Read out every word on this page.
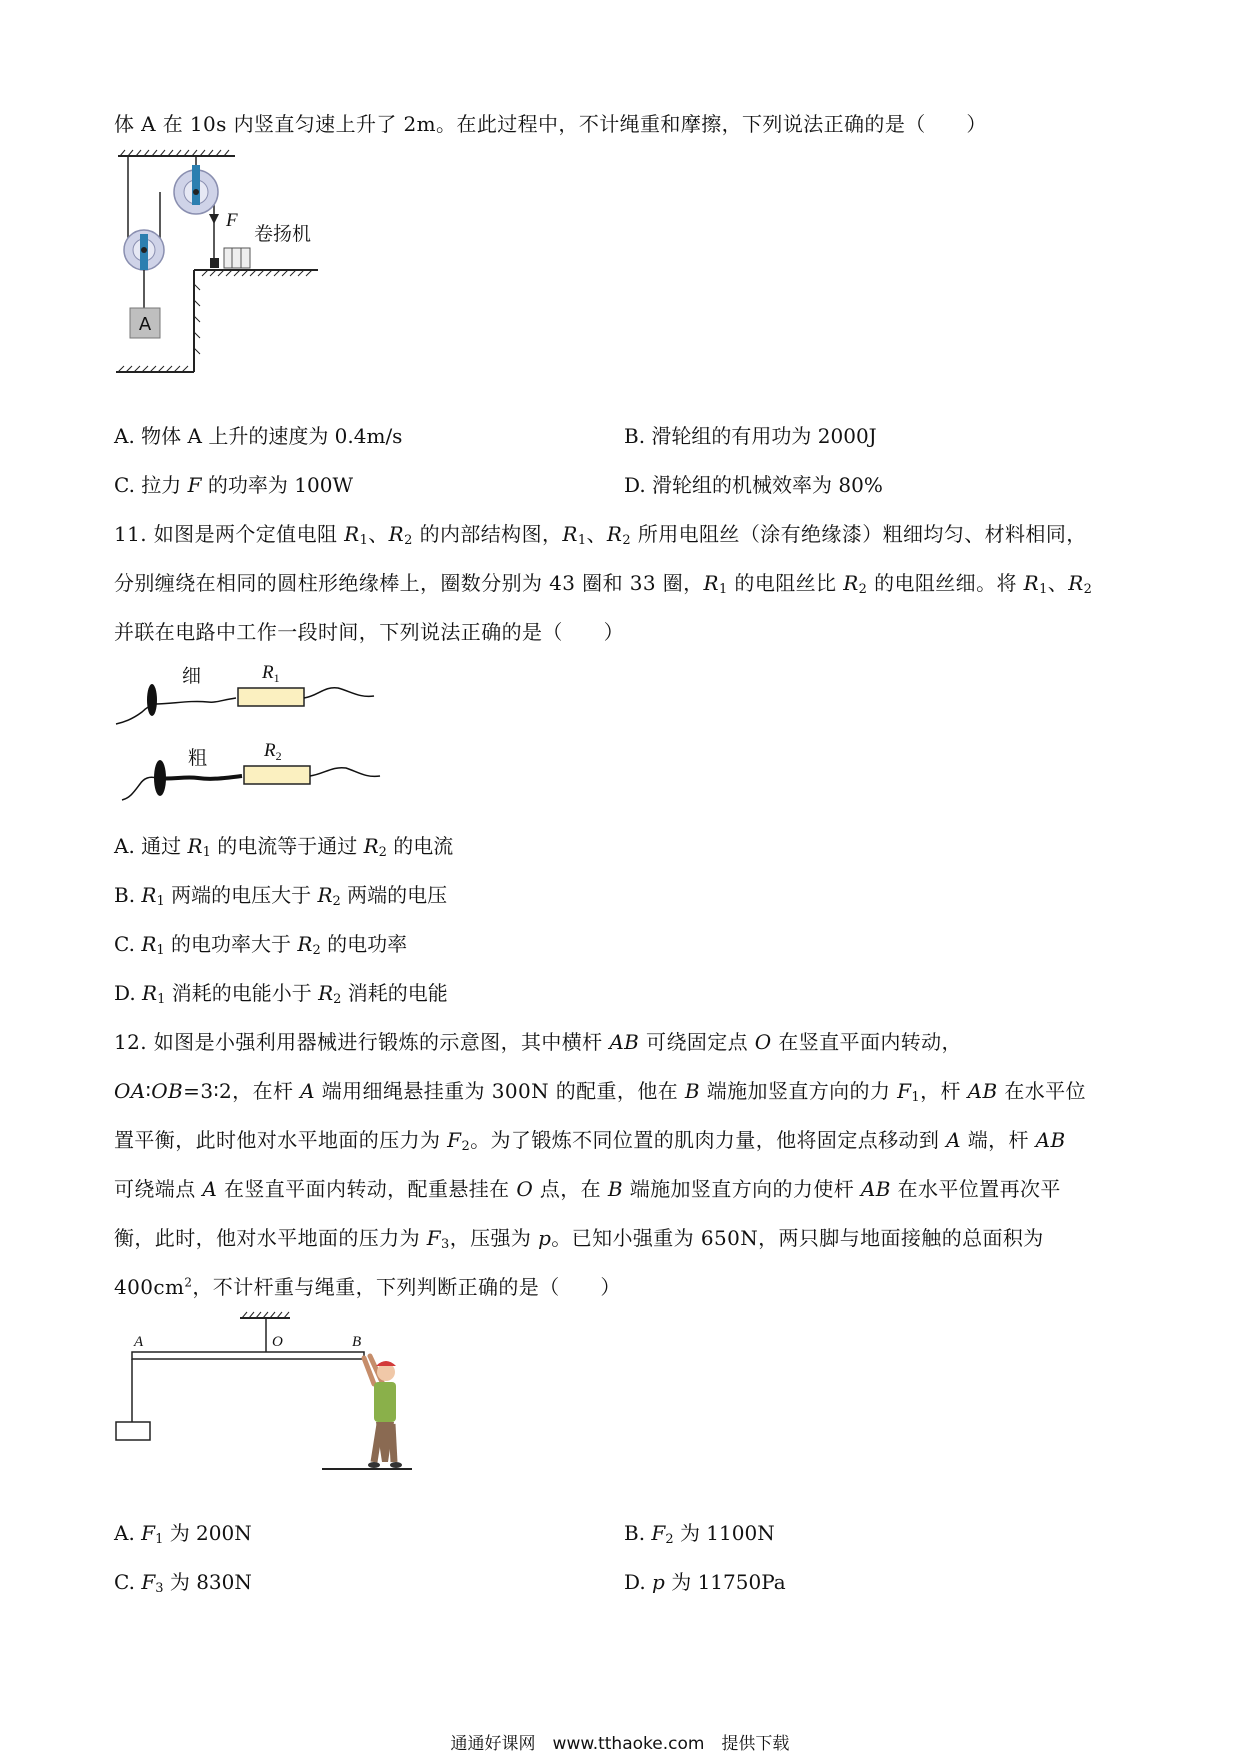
体 A 在 10s 内竖直匀速上升了 2m。在此过程中，不计绳重和摩擦，下列说法正确的是（　　）
A
F
卷扬机
A. 物体 A 上升的速度为 0.4m/s	B. 滑轮组的有用功为 2000J
C. 拉力 F 的功率为 100W	D. 滑轮组的机械效率为 80%
11. 如图是两个定值电阻 $R_1$、$R_2$ 的内部结构图，$R_1$、$R_2$ 所用电阻丝（涂有绝缘漆）粗细均匀、材料相同，
分别缠绕在相同的圆柱形绝缘棒上，圈数分别为 43 圈和 33 圈，$R_1$ 的电阻丝比 $R_2$ 的电阻丝细。将 $R_1$、$R_2$
并联在电路中工作一段时间，下列说法正确的是（　　）
细	$R_1$
粗	$R_2$
A. 通过 $R_1$ 的电流等于通过 $R_2$ 的电流
B. $R_1$ 两端的电压大于 $R_2$ 两端的电压
C. $R_1$ 的电功率大于 $R_2$ 的电功率
D. $R_1$ 消耗的电能小于 $R_2$ 消耗的电能
12. 如图是小强利用器械进行锻炼的示意图，其中横杆 AB 可绕固定点 O 在竖直平面内转动，
OA∶OB=3∶2，在杆 A 端用细绳悬挂重为 300N 的配重，他在 B 端施加竖直方向的力 $F_1$，杆 AB 在水平位
置平衡，此时他对水平地面的压力为 $F_2$。为了锻炼不同位置的肌肉力量，他将固定点移动到 A 端，杆 AB
可绕端点 A 在竖直平面内转动，配重悬挂在 O 点，在 B 端施加竖直方向的力使杆 AB 在水平位置再次平
衡，此时，他对水平地面的压力为 $F_3$，压强为 p。已知小强重为 650N，两只脚与地面接触的总面积为
$400cm^2$，不计杆重与绳重，下列判断正确的是（　　）
A	O	B
A. $F_1$ 为 200N	B. $F_2$ 为 1100N
C. $F_3$ 为 830N	D. p 为 11750Pa
通通好课网　www.tthaoke.com　提供下载
